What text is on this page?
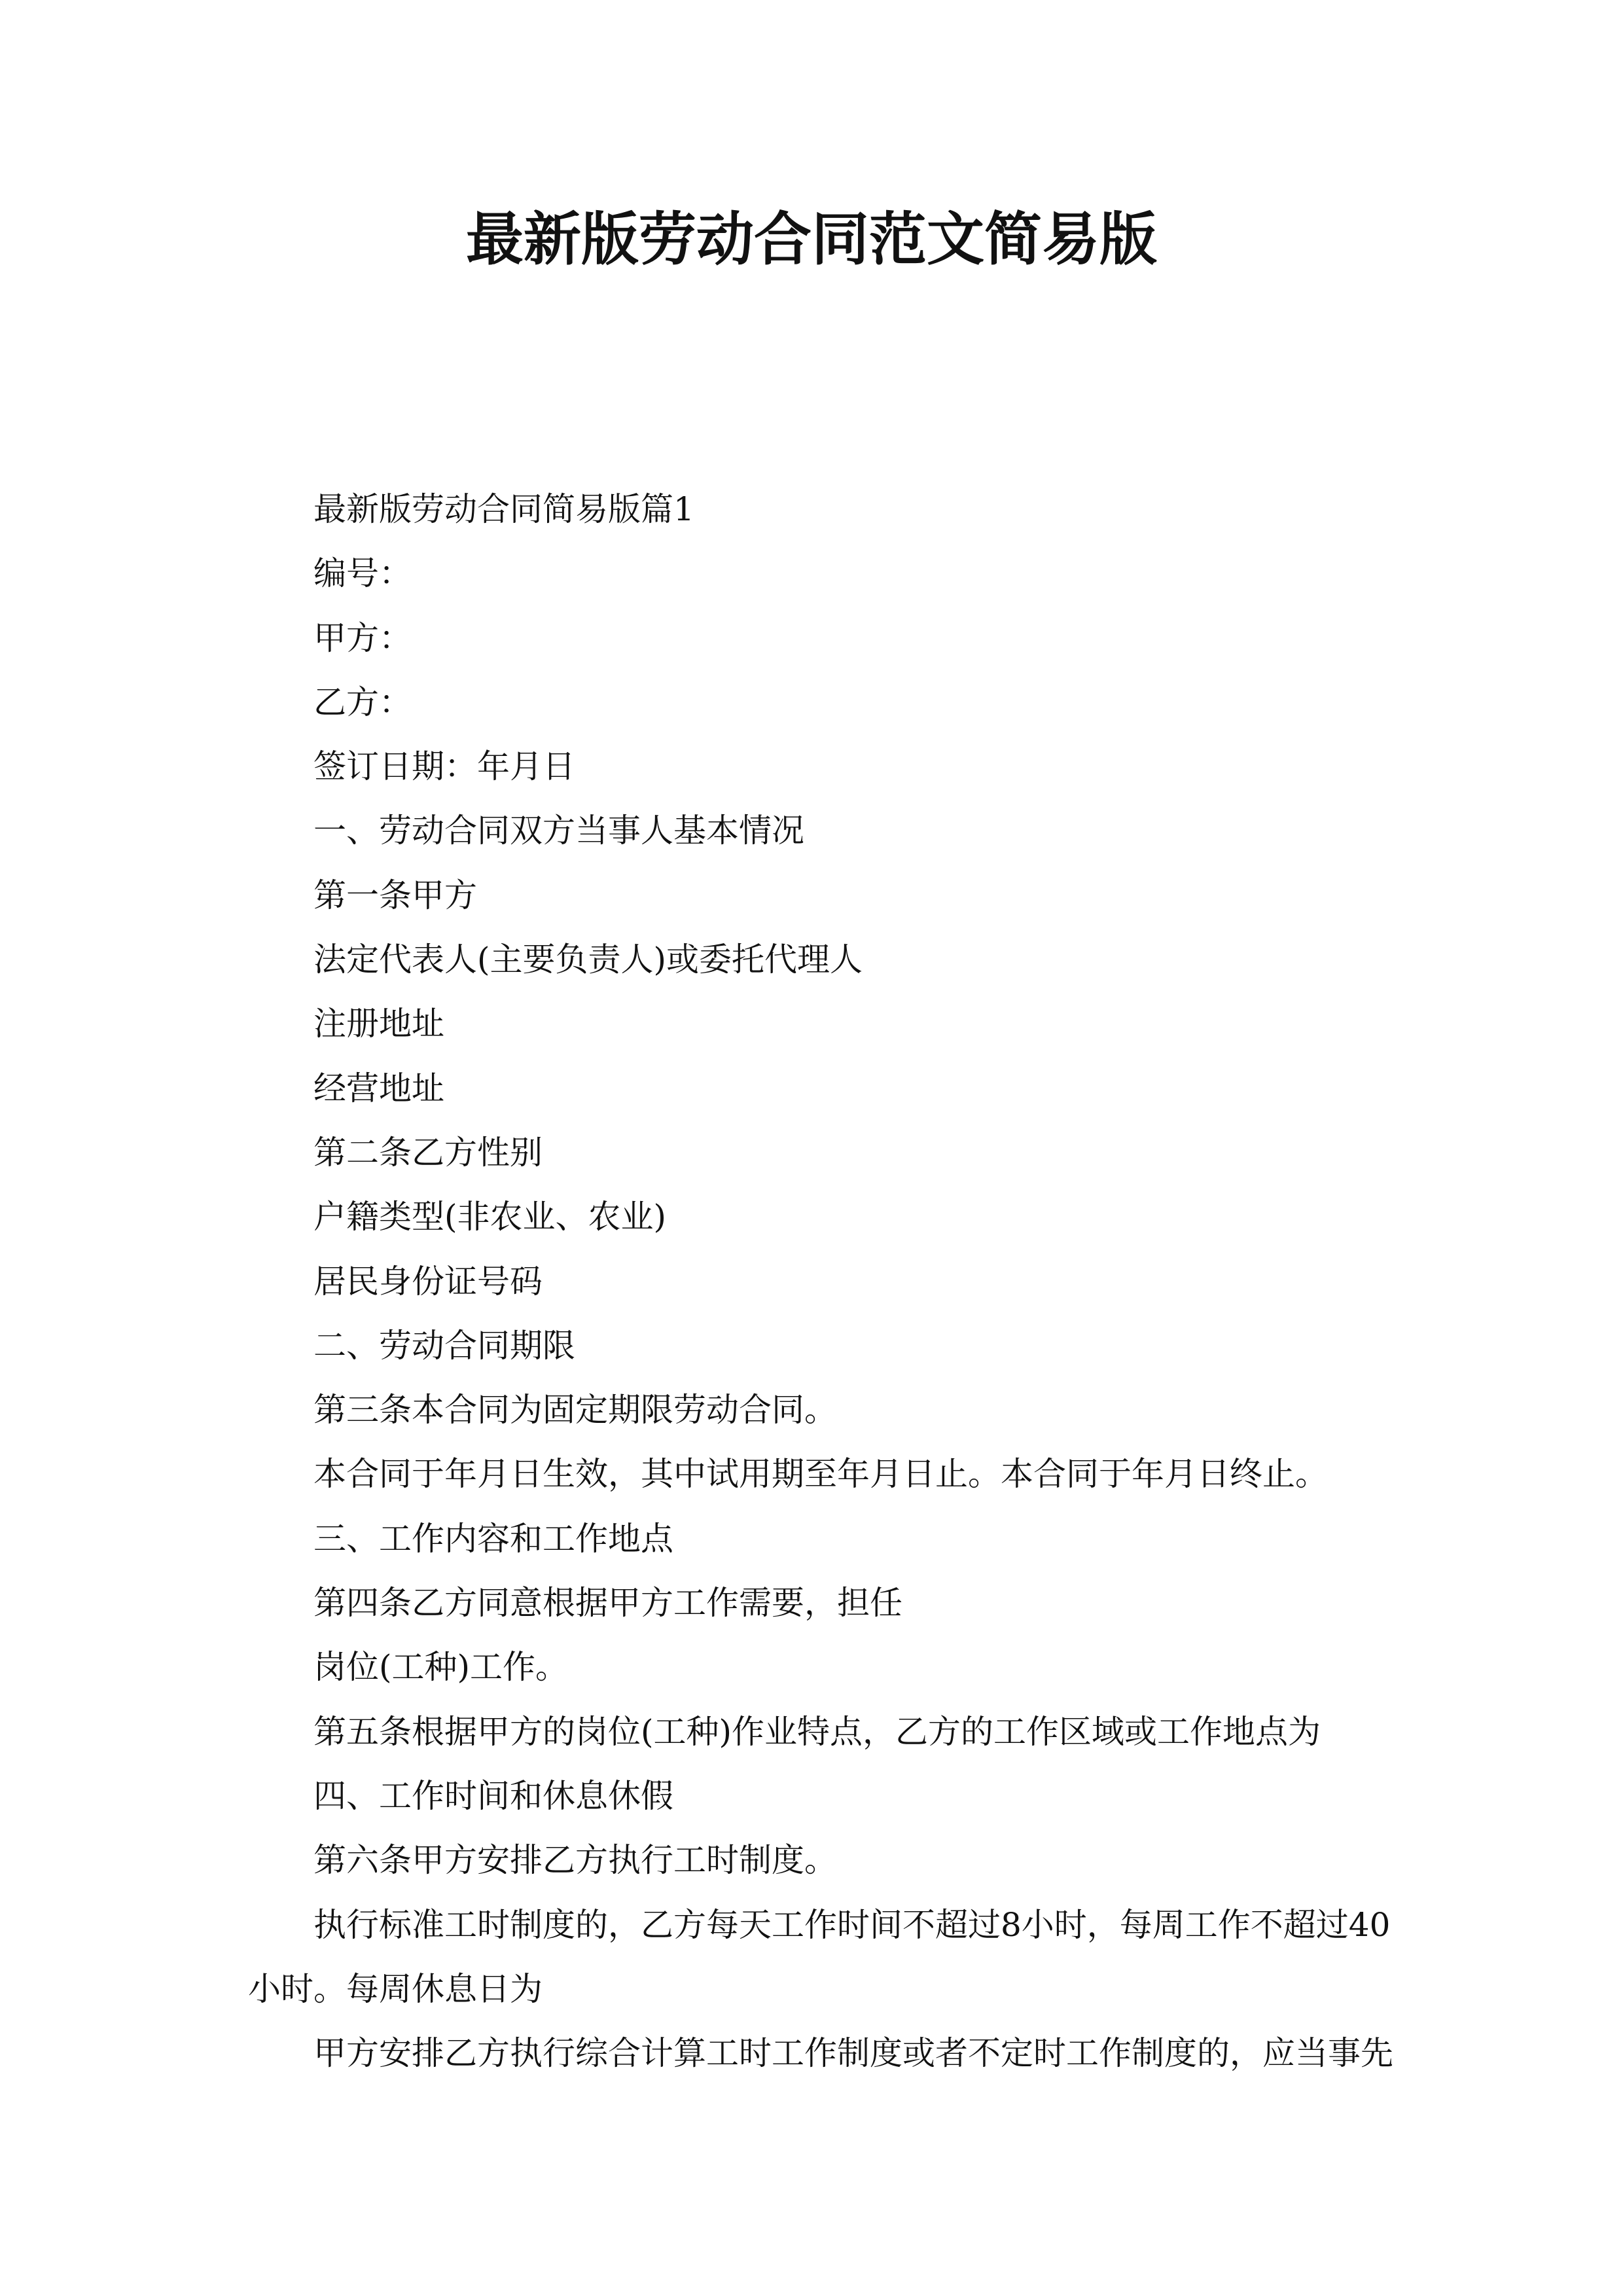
最新版劳动合同范文简易版

最新版劳动合同简易版篇1

编号：

甲方：

乙方：

签订日期：年月日

一、劳动合同双方当事人基本情况

第一条甲方

法定代表人(主要负责人)或委托代理人

注册地址

经营地址

第二条乙方性别

户籍类型(非农业、农业)

居民身份证号码

二、劳动合同期限

第三条本合同为固定期限劳动合同。

本合同于年月日生效，其中试用期至年月日止。本合同于年月日终止。

三、工作内容和工作地点

第四条乙方同意根据甲方工作需要，担任

岗位(工种)工作。

第五条根据甲方的岗位(工种)作业特点，乙方的工作区域或工作地点为

四、工作时间和休息休假

第六条甲方安排乙方执行工时制度。

执行标准工时制度的，乙方每天工作时间不超过8小时，每周工作不超过40

小时。每周休息日为

甲方安排乙方执行综合计算工时工作制度或者不定时工作制度的，应当事先
